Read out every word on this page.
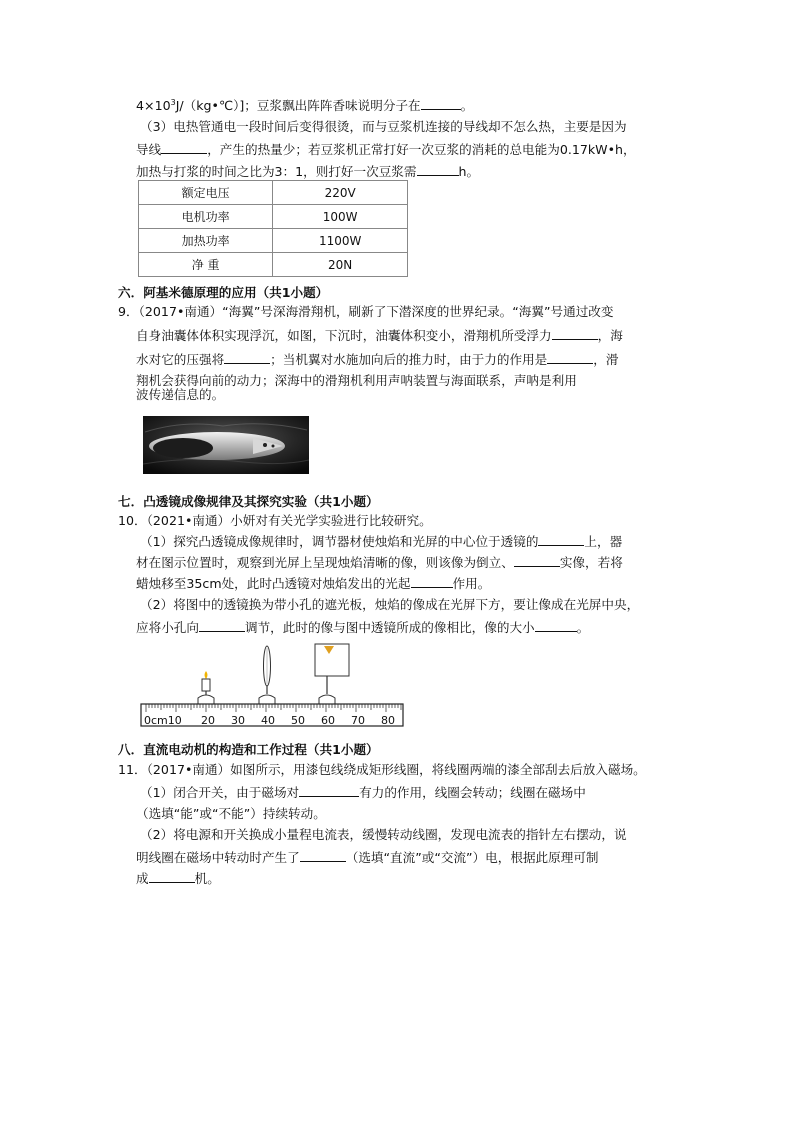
$4\times 10^3J/(kg•℃)$]；豆浆飘出阵阵香味说明分子在	。
（3）电热管通电一段时间后变得很烫，而与豆浆机连接的导线却不怎么热，主要是因为
导线	，产生的热量少；若豆浆机正常打好一次豆浆的消耗的总电能为0.17kW•h，
加热与打浆的时间之比为3：1，则打好一次豆浆需	h。
额定电压	220V
电机功率	100W
加热功率	1100W
净 重	20N
六．阿基米德原理的应用（共1小题）
9．（2017•南通）“海翼”号深海滑翔机，刷新了下潜深度的世界纪录。“海翼”号通过改变
自身油囊体体积实现浮沉，如图，下沉时，油囊体积变小，滑翔机所受浮力	，海
水对它的压强将	；当机翼对水施加向后的推力时，由于力的作用是	，滑
翔机会获得向前的动力；深海中的滑翔机利用声呐装置与海面联系，声呐是利用
波传递信息的。
七．凸透镜成像规律及其探究实验（共1小题）
10．（2021•南通）小妍对有关光学实验进行比较研究。
（1）探究凸透镜成像规律时，调节器材使烛焰和光屏的中心位于透镜的	上，器
材在图示位置时，观察到光屏上呈现烛焰清晰的像，则该像为倒立、	实像，若将
蜡烛移至35cm处，此时凸透镜对烛焰发出的光起	作用。
（2）将图中的透镜换为带小孔的遮光板，烛焰的像成在光屏下方，要让像成在光屏中央，
应将小孔向	调节，此时的像与图中透镜所成的像相比，像的大小	。
0cm10 20 30 40 50 60 70 80
八．直流电动机的构造和工作过程（共1小题）
11．（2017•南通）如图所示，用漆包线绕成矩形线圈，将线圈两端的漆全部刮去后放入磁场。
（1）闭合开关，由于磁场对	有力的作用，线圈会转动；线圈在磁场中
（选填“能”或“不能”）持续转动。
（2）将电源和开关换成小量程电流表，缓慢转动线圈，发现电流表的指针左右摆动，说
明线圈在磁场中转动时产生了	（选填“直流”或“交流”）电，根据此原理可制
成	机。
